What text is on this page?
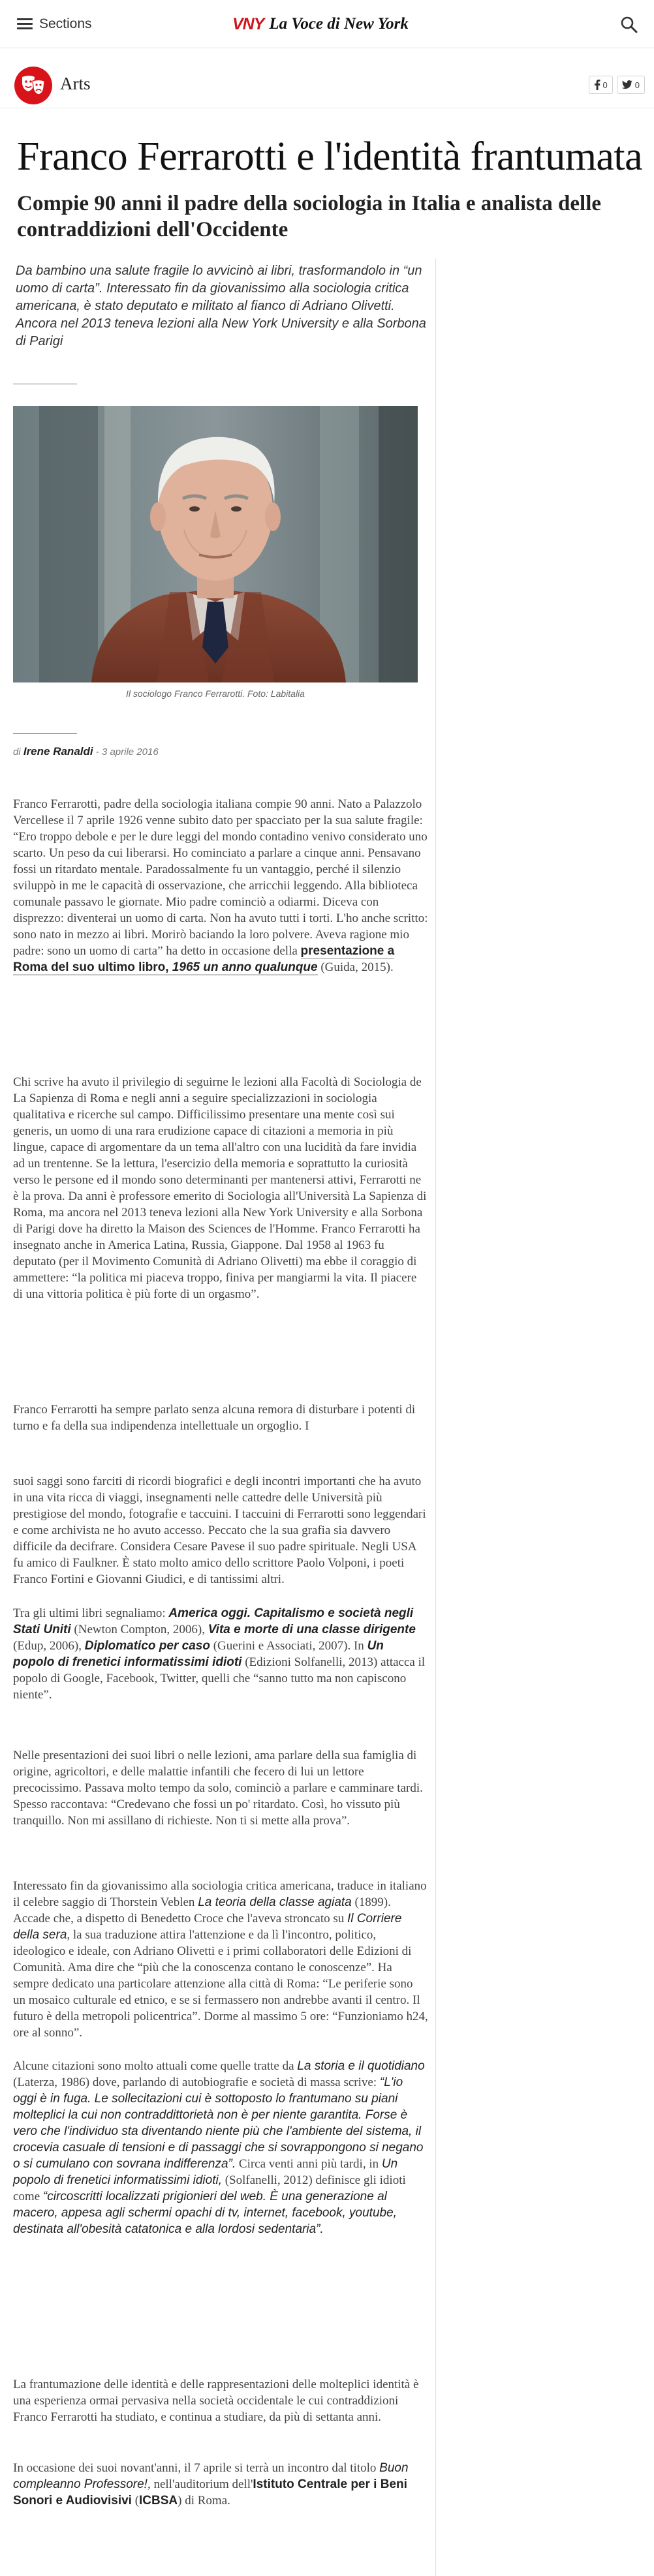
Sections	VNY La Voce di New York
Arts	0	0
Franco Ferrarotti e l'identità frantumata
Compie 90 anni il padre della sociologia in Italia e analista delle contraddizioni dell'Occidente

Da bambino una salute fragile lo avvicinò ai libri, trasformandolo in “un uomo di carta”. Interessato fin da giovanissimo alla sociologia critica americana, è stato deputato e militato al fianco di Adriano Olivetti. Ancora nel 2013 teneva lezioni alla New York University e alla Sorbona di Parigi

Il sociologo Franco Ferrarotti. Foto: Labitalia

di Irene Ranaldi - 3 aprile 2016

Franco Ferrarotti, padre della sociologia italiana compie 90 anni. Nato a Palazzolo Vercellese il 7 aprile 1926 venne subito dato per spacciato per la sua salute fragile: “Ero troppo debole e per le dure leggi del mondo contadino venivo considerato uno scarto. Un peso da cui liberarsi. Ho cominciato a parlare a cinque anni. Pensavano fossi un ritardato mentale. Paradossalmente fu un vantaggio, perché il silenzio sviluppò in me le capacità di osservazione, che arricchii leggendo. Alla biblioteca comunale passavo le giornate. Mio padre cominciò a odiarmi. Diceva con disprezzo: diventerai un uomo di carta. Non ha avuto tutti i torti. L'ho anche scritto: sono nato in mezzo ai libri. Morirò baciando la loro polvere. Aveva ragione mio padre: sono un uomo di carta” ha detto in occasione della presentazione a Roma del suo ultimo libro, 1965 un anno qualunque (Guida, 2015).

Chi scrive ha avuto il privilegio di seguirne le lezioni alla Facoltà di Sociologia de La Sapienza di Roma e negli anni a seguire specializzazioni in sociologia qualitativa e ricerche sul campo. Difficilissimo presentare una mente così sui generis, un uomo di una rara erudizione capace di citazioni a memoria in più lingue, capace di argomentare da un tema all'altro con una lucidità da fare invidia ad un trentenne. Se la lettura, l'esercizio della memoria e soprattutto la curiosità verso le persone ed il mondo sono determinanti per mantenersi attivi, Ferrarotti ne è la prova. Da anni è professore emerito di Sociologia all'Università La Sapienza di Roma, ma ancora nel 2013 teneva lezioni alla New York University e alla Sorbona di Parigi dove ha diretto la Maison des Sciences de l'Homme. Franco Ferrarotti ha insegnato anche in America Latina, Russia, Giappone. Dal 1958 al 1963 fu deputato (per il Movimento Comunità di Adriano Olivetti) ma ebbe il coraggio di ammettere: “la politica mi piaceva troppo, finiva per mangiarmi la vita. Il piacere di una vittoria politica è più forte di un orgasmo”.

Franco Ferrarotti ha sempre parlato senza alcuna remora di disturbare i potenti di turno e fa della sua indipendenza intellettuale un orgoglio. I

suoi saggi sono farciti di ricordi biografici e degli incontri importanti che ha avuto in una vita ricca di viaggi, insegnamenti nelle cattedre delle Università più prestigiose del mondo, fotografie e taccuini. I taccuini di Ferrarotti sono leggendari e come archivista ne ho avuto accesso. Peccato che la sua grafia sia davvero difficile da decifrare. Considera Cesare Pavese il suo padre spirituale. Negli USA fu amico di Faulkner. È stato molto amico dello scrittore Paolo Volponi, i poeti Franco Fortini e Giovanni Giudici, e di tantissimi altri.

Tra gli ultimi libri segnaliamo: America oggi. Capitalismo e società negli Stati Uniti (Newton Compton, 2006), Vita e morte di una classe dirigente (Edup, 2006), Diplomatico per caso (Guerini e Associati, 2007). In Un popolo di frenetici informatissimi idioti (Edizioni Solfanelli, 2013) attacca il popolo di Google, Facebook, Twitter, quelli che “sanno tutto ma non capiscono niente”.

Nelle presentazioni dei suoi libri o nelle lezioni, ama parlare della sua famiglia di origine, agricoltori, e delle malattie infantili che fecero di lui un lettore precocissimo. Passava molto tempo da solo, cominciò a parlare e camminare tardi. Spesso raccontava: “Credevano che fossi un po' ritardato. Così, ho vissuto più tranquillo. Non mi assillano di richieste. Non ti si mette alla prova”.

Interessato fin da giovanissimo alla sociologia critica americana, traduce in italiano il celebre saggio di Thorstein Veblen La teoria della classe agiata (1899). Accade che, a dispetto di Benedetto Croce che l'aveva stroncato su Il Corriere della sera, la sua traduzione attira l'attenzione e da lì l'incontro, politico, ideologico e ideale, con Adriano Olivetti e i primi collaboratori delle Edizioni di Comunità. Ama dire che “più che la conoscenza contano le conoscenze”. Ha sempre dedicato una particolare attenzione alla città di Roma: “Le periferie sono un mosaico culturale ed etnico, e se si fermassero non andrebbe avanti il centro. Il futuro è della metropoli policentrica”. Dorme al massimo 5 ore: “Funzioniamo h24, ore al sonno”.

Alcune citazioni sono molto attuali come quelle tratte da La storia e il quotidiano (Laterza, 1986) dove, parlando di autobiografie e società di massa scrive: “L'io oggi è in fuga. Le sollecitazioni cui è sottoposto lo frantumano su piani molteplici la cui non contraddittorietà non è per niente garantita. Forse è vero che l'individuo sta diventando niente più che l'ambiente del sistema, il crocevia casuale di tensioni e di passaggi che si sovrappongono si negano o si cumulano con sovrana indifferenza”. Circa venti anni più tardi, in Un popolo di frenetici informatissimi idioti, (Solfanelli, 2012) definisce gli idioti come “circoscritti localizzati prigionieri del web. È una generazione al macero, appesa agli schermi opachi di tv, internet, facebook, youtube, destinata all'obesità catatonica e alla lordosi sedentaria”.

La frantumazione delle identità e delle rappresentazioni delle molteplici identità è una esperienza ormai pervasiva nella società occidentale le cui contraddizioni Franco Ferrarotti ha studiato, e continua a studiare, da più di settanta anni.

In occasione dei suoi novant'anni, il 7 aprile si terrà un incontro dal titolo Buon compleanno Professore!, nell'auditorium dell'Istituto Centrale per i Beni Sonori e Audiovisivi (ICBSA) di Roma.
